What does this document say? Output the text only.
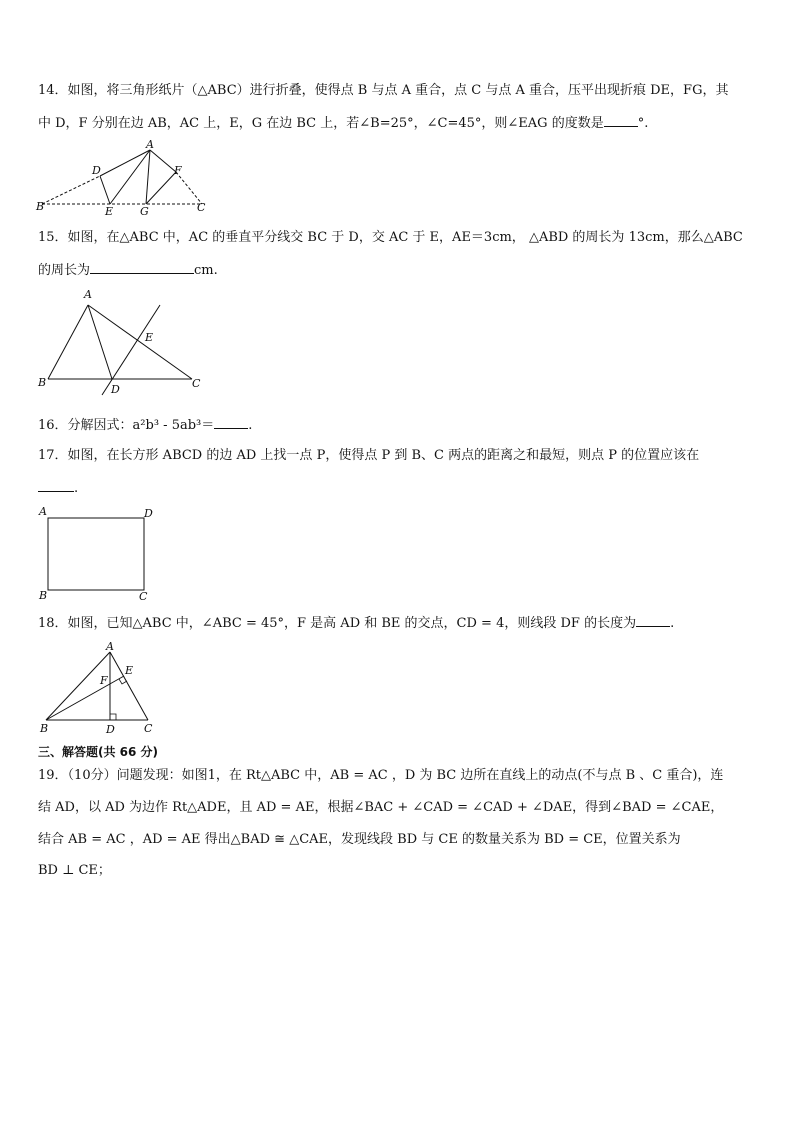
14．如图，将三角形纸片（△ABC）进行折叠，使得点 B 与点 A 重合，点 C 与点 A 重合，压平出现折痕 DE，FG，其
中 D，F 分别在边 AB，AC 上，E，G 在边 BC 上，若∠B=25°，∠C=45°，则∠EAG 的度数是	°.
A
B	C
D
E
F
G
15．如图，在△ABC 中，AC 的垂直平分线交 BC 于 D，交 AC 于 E，AE＝3cm， △ABD 的周长为 13cm，那么△ABC
的周长为	cm.
A
B	C
D
E
16．分解因式：a²b³ - 5ab³＝	.
17．如图，在长方形 ABCD 的边 AD 上找一点 P，使得点 P 到 B、C 两点的距离之和最短，则点 P 的位置应该在
.
A	D
B	C
18．如图，已知△ABC 中，∠ABC = 45°，F 是高 AD 和 BE 的交点，CD = 4，则线段 DF 的长度为	.
A
B	C
D
E
F
三、解答题(共 66 分)
19．（10分）问题发现：如图1，在 Rt△ABC 中，AB = AC ，D 为 BC 边所在直线上的动点(不与点 B 、C 重合)，连
结 AD，以 AD 为边作 Rt△ADE，且 AD = AE，根据∠BAC + ∠CAD = ∠CAD + ∠DAE，得到∠BAD = ∠CAE，
结合 AB = AC ，AD = AE 得出△BAD ≅ △CAE，发现线段 BD 与 CE 的数量关系为 BD = CE，位置关系为
BD ⊥ CE；
